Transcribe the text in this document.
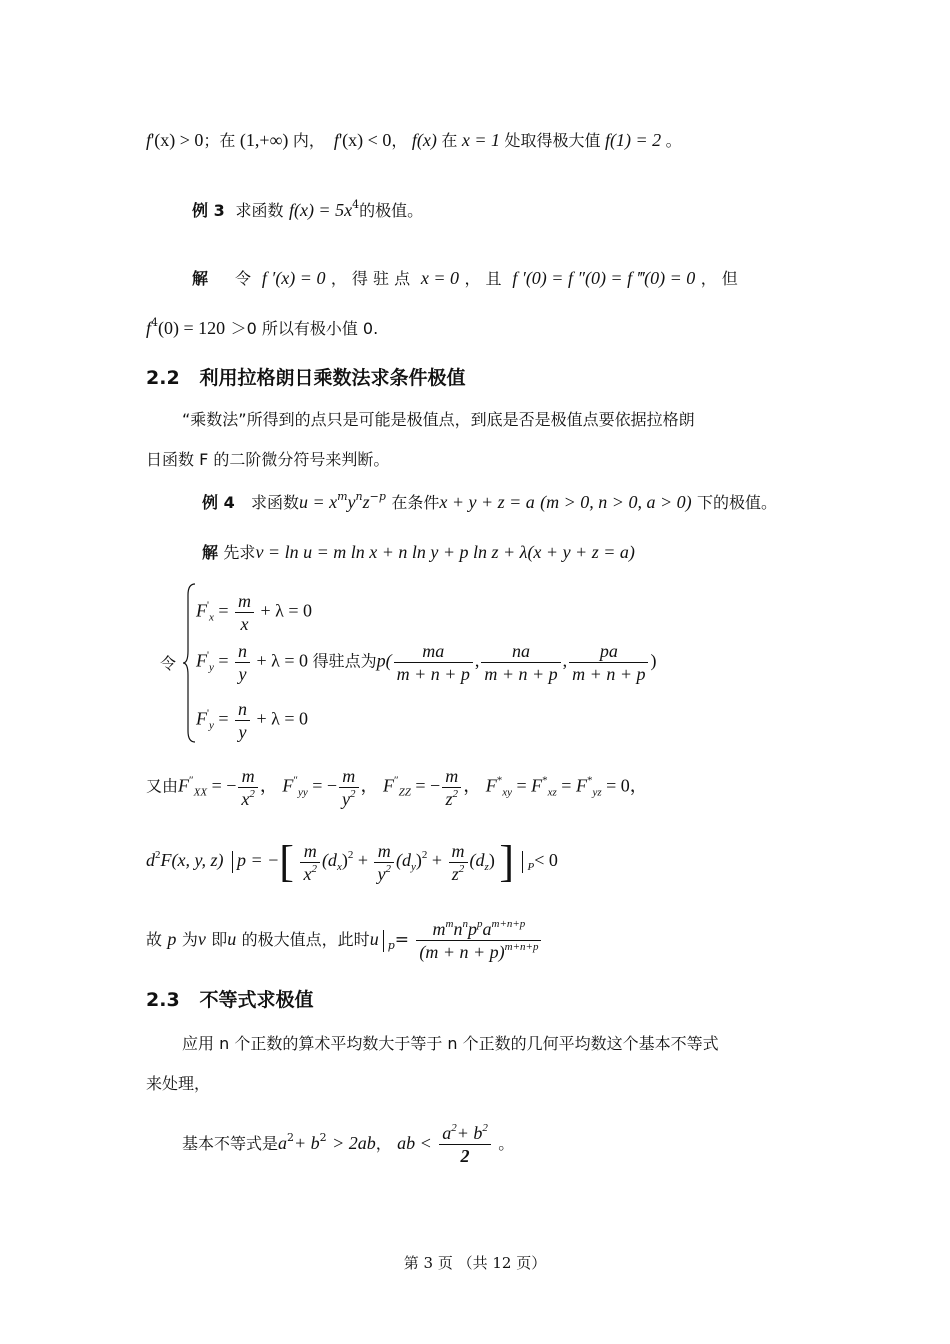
f'(x) > 0；在 (1,+∞) 内， f'(x) < 0， f(x) 在 x = 1 处取得极大值 f(1) = 2 。
例 3 求函数 $f(x) = 5x^4$的极值。
解 令 f ′(x) = 0 ， 得 驻 点 x = 0 ， 且 f ′(0) = f ″(0) = f ‴(0) = 0 ， 但
$f^4(0) = 120 >0$ 所以有极小值 0.
2.2 利用拉格朗日乘数法求条件极值
“乘数法”所得到的点只是可能是极值点，到底是否是极值点要依据拉格朗
日函数 F 的二阶微分符号来判断。
例 4 求函数$u = x^my^nz^{-p}$ 在条件x + y + z = a (m > 0, n > 0, a > 0) 下的极值。
解 先求v = ln u = m ln x + n ln y + p ln z + λ(x + y + z = a)
令
$F'_x = \frac{m}{x} + \lambda = 0$
$F'_y = \frac{n}{y} + \lambda = 0$ 得驻点为$p( \frac{ma}{m + n + p}$ , $\frac{na}{m + n + p}$ , $\frac{pa}{m + n + p}$ )
$F'_y = \frac{n}{y} + \lambda = 0$
又由$F''_{XX}$ = − $\frac{m}{x^2}$ ， $F''_{yy}$ = − $\frac{m}{y^2}$ ， $F''_{ZZ}$ = − $\frac{m}{z^2}$ ， $F^*_{xy} = F^*_{xz} = F^*_{yz} = 0$，
$d^2F(x$, y, z) p = −[ $\frac{m}{x^2} (d_x)^2 + \frac{m}{y^2} (d_y)^2 + \frac{m}{z^2} (d_z)$ ] $_P$< 0
故 p 为v 即u 的极大值点，此时u $_p= \frac{m^mn^np^pa^{m+n+p}}{(m + n + p)^{m+n+p}}$
2.3 不等式求极值
应用 n 个正数的算术平均数大于等于 n 个正数的几何平均数这个基本不等式
来处理，
基本不等式是$a^2+ b^2 > 2ab$， ab < $\frac{a^2+ b^2}{2}$ 。
第 3 页 （共 12 页）
